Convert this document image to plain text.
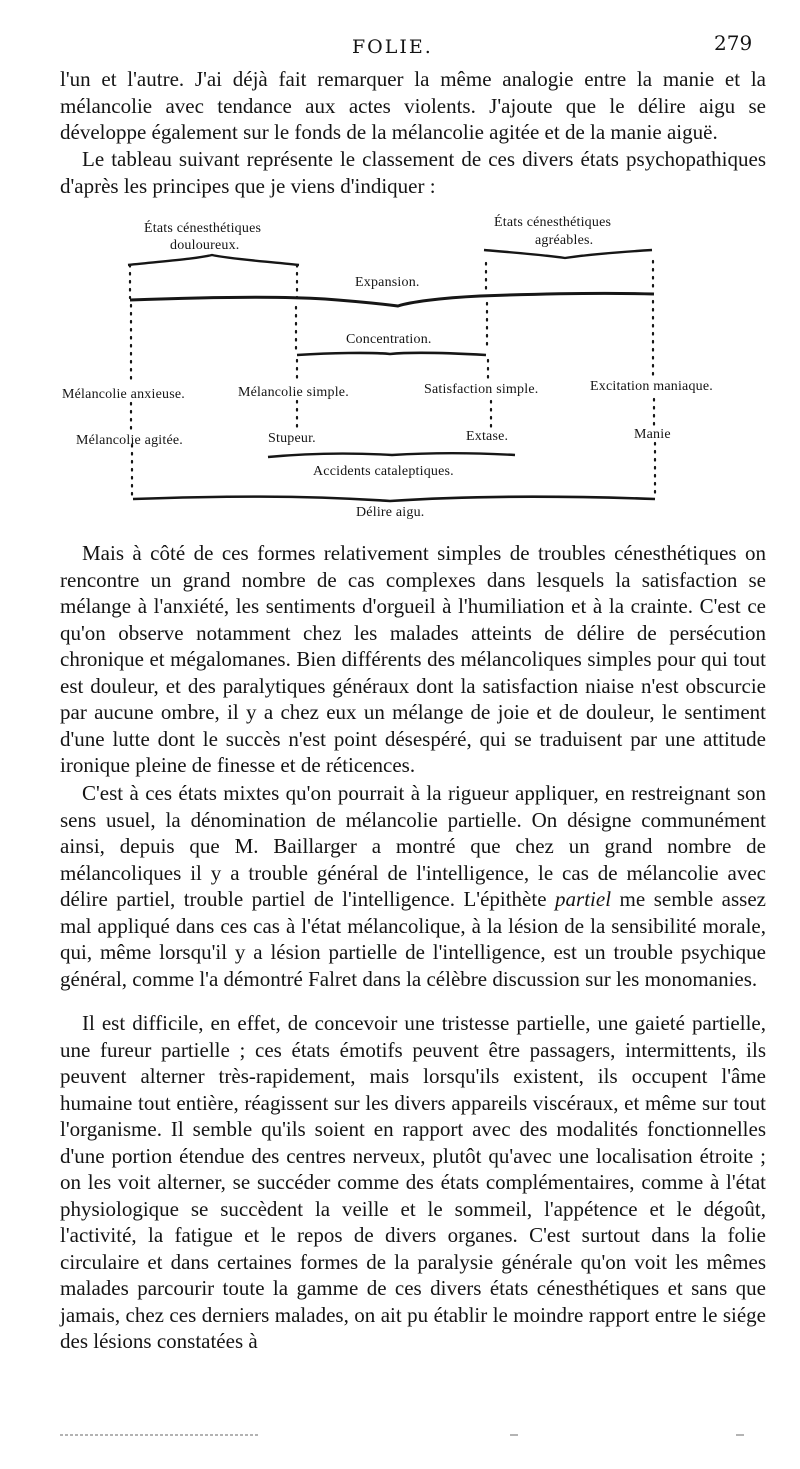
FOLIE.	279

l'un et l'autre. J'ai déjà fait remarquer la même analogie entre la manie et la mélancolie avec tendance aux actes violents. J'ajoute que le délire aigu se développe également sur le fonds de la mélancolie agitée et de la manie aiguë.

Le tableau suivant représente le classement de ces divers états psychopathiques d'après les principes que je viens d'indiquer :

États cénesthétiques
douloureux.
États cénesthétiques
agréables.
Expansion.
Concentration.
Mélancolie anxieuse.	Mélancolie simple.	Satisfaction simple.	Excitation maniaque.
Mélancolie agitée.	Stupeur.	Extase.	Manie
Accidents cataleptiques.
Délire aigu.

Mais à côté de ces formes relativement simples de troubles cénesthétiques on rencontre un grand nombre de cas complexes dans lesquels la satisfaction se mélange à l'anxiété, les sentiments d'orgueil à l'humiliation et à la crainte. C'est ce qu'on observe notamment chez les malades atteints de délire de persécution chronique et mégalomanes. Bien différents des mélancoliques simples pour qui tout est douleur, et des paralytiques généraux dont la satisfaction niaise n'est obscurcie par aucune ombre, il y a chez eux un mélange de joie et de douleur, le sentiment d'une lutte dont le succès n'est point désespéré, qui se traduisent par une attitude ironique pleine de finesse et de réticences.

C'est à ces états mixtes qu'on pourrait à la rigueur appliquer, en restreignant son sens usuel, la dénomination de mélancolie partielle. On désigne communément ainsi, depuis que M. Baillarger a montré que chez un grand nombre de mélancoliques il y a trouble général de l'intelligence, le cas de mélancolie avec délire partiel, trouble partiel de l'intelligence. L'épithète partiel me semble assez mal appliqué dans ces cas à l'état mélancolique, à la lésion de la sensibilité morale, qui, même lorsqu'il y a lésion partielle de l'intelligence, est un trouble psychique général, comme l'a démontré Falret dans la célèbre discussion sur les monomanies.

Il est difficile, en effet, de concevoir une tristesse partielle, une gaieté partielle, une fureur partielle ; ces états émotifs peuvent être passagers, intermittents, ils peuvent alterner très-rapidement, mais lorsqu'ils existent, ils occupent l'âme humaine tout entière, réagissent sur les divers appareils viscéraux, et même sur tout l'organisme. Il semble qu'ils soient en rapport avec des modalités fonctionnelles d'une portion étendue des centres nerveux, plutôt qu'avec une localisation étroite ; on les voit alterner, se succéder comme des états complémentaires, comme à l'état physiologique se succèdent la veille et le sommeil, l'appétence et le dégoût, l'activité, la fatigue et le repos de divers organes. C'est surtout dans la folie circulaire et dans certaines formes de la paralysie générale qu'on voit les mêmes malades parcourir toute la gamme de ces divers états cénesthétiques et sans que jamais, chez ces derniers malades, on ait pu établir le moindre rapport entre le siége des lésions constatées à
